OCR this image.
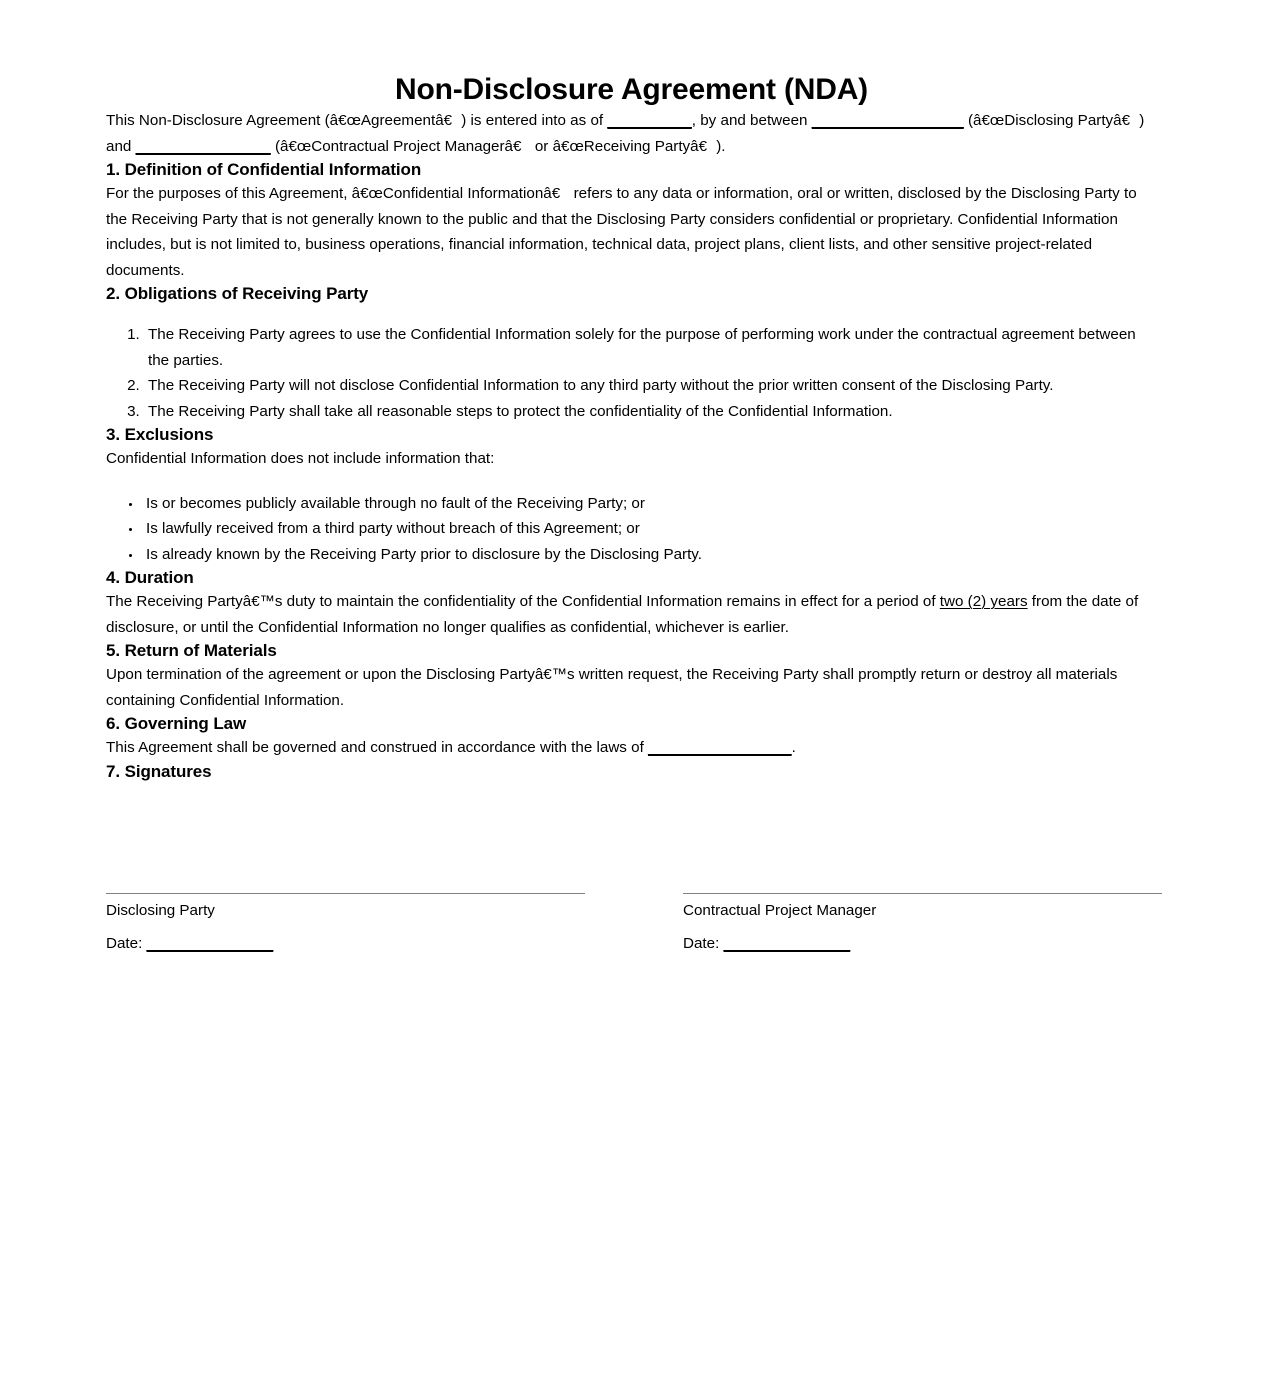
Non-Disclosure Agreement (NDA)

This Non-Disclosure Agreement (â€œAgreementâ€) is entered into as of __________, by and between __________________ (â€œDisclosing Partyâ€) and ________________ (â€œContractual Project Managerâ€ or â€œReceiving Partyâ€).

1. Definition of Confidential Information

For the purposes of this Agreement, â€œConfidential Informationâ€ refers to any data or information, oral or written, disclosed by the Disclosing Party to the Receiving Party that is not generally known to the public and that the Disclosing Party considers confidential or proprietary. Confidential Information includes, but is not limited to, business operations, financial information, technical data, project plans, client lists, and other sensitive project-related documents.

2. Obligations of Receiving Party
1. The Receiving Party agrees to use the Confidential Information solely for the purpose of performing work under the contractual agreement between the parties.
2. The Receiving Party will not disclose Confidential Information to any third party without the prior written consent of the Disclosing Party.
3. The Receiving Party shall take all reasonable steps to protect the confidentiality of the Confidential Information.
3. Exclusions

Confidential Information does not include information that:

• Is or becomes publicly available through no fault of the Receiving Party; or
• Is lawfully received from a third party without breach of this Agreement; or
• Is already known by the Receiving Party prior to disclosure by the Disclosing Party.
4. Duration

The Receiving Partyâ€™s duty to maintain the confidentiality of the Confidential Information remains in effect for a period of two (2) years from the date of disclosure, or until the Confidential Information no longer qualifies as confidential, whichever is earlier.

5. Return of Materials

Upon termination of the agreement or upon the Disclosing Partyâ€™s written request, the Receiving Party shall promptly return or destroy all materials containing Confidential Information.

6. Governing Law

This Agreement shall be governed and construed in accordance with the laws of _________________.

7. Signatures

Disclosing Party

Date: _______________

Contractual Project Manager

Date: _______________
